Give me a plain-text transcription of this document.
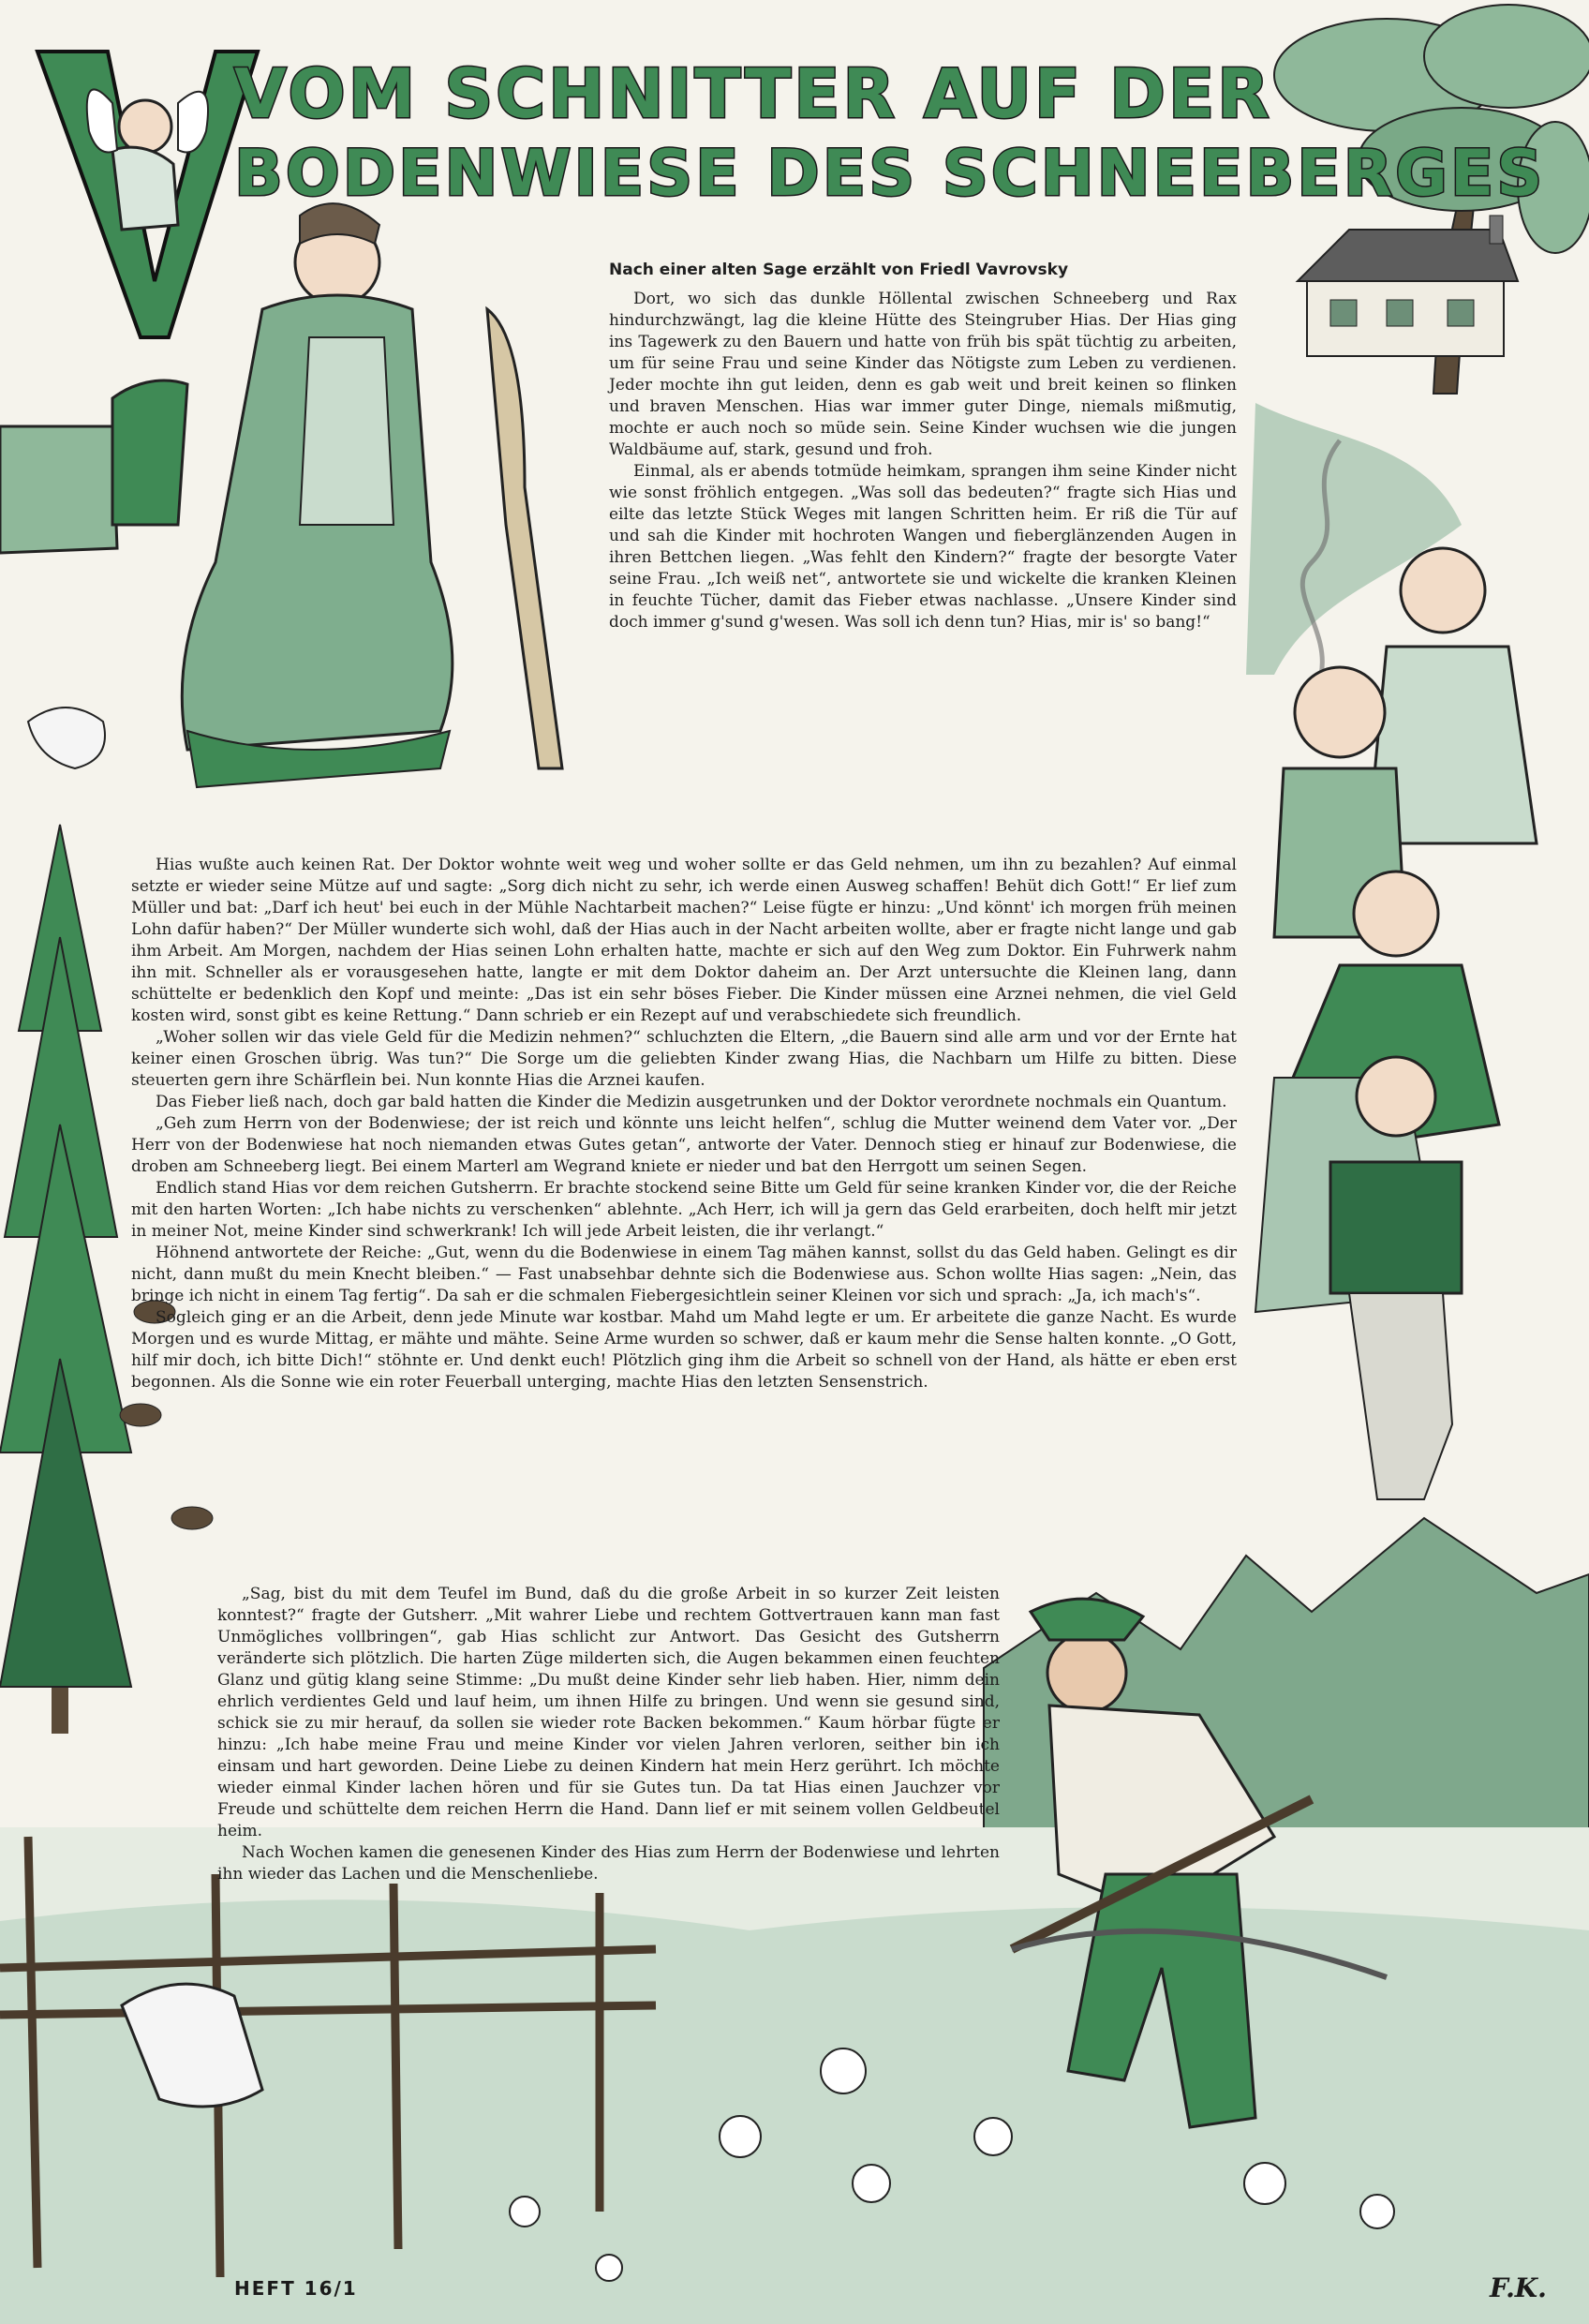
VOM SCHNITTER AUF DER
BODENWIESE DES SCHNEEBERGES
Nach einer alten Sage erzählt von Friedl Vavrovsky

Dort, wo sich das dunkle Höllental zwischen Schneeberg und Rax hindurchzwängt, lag die kleine Hütte des Steingruber Hias. Der Hias ging ins Tagewerk zu den Bauern und hatte von früh bis spät tüchtig zu arbeiten, um für seine Frau und seine Kinder das Nötigste zum Leben zu verdienen. Jeder mochte ihn gut leiden, denn es gab weit und breit keinen so flinken und braven Menschen. Hias war immer guter Dinge, niemals mißmutig, mochte er auch noch so müde sein. Seine Kinder wuchsen wie die jungen Waldbäume auf, stark, gesund und froh.

Einmal, als er abends totmüde heimkam, sprangen ihm seine Kinder nicht wie sonst fröhlich entgegen. „Was soll das bedeuten?“ fragte sich Hias und eilte das letzte Stück Weges mit langen Schritten heim. Er riß die Tür auf und sah die Kinder mit hochroten Wangen und fieberglänzenden Augen in ihren Bettchen liegen. „Was fehlt den Kindern?“ fragte der besorgte Vater seine Frau. „Ich weiß net“, antwortete sie und wickelte die kranken Kleinen in feuchte Tücher, damit das Fieber etwas nachlasse. „Unsere Kinder sind doch immer g'sund g'wesen. Was soll ich denn tun? Hias, mir is' so bang!“

Hias wußte auch keinen Rat. Der Doktor wohnte weit weg und woher sollte er das Geld nehmen, um ihn zu bezahlen? Auf einmal setzte er wieder seine Mütze auf und sagte: „Sorg dich nicht zu sehr, ich werde einen Ausweg schaffen! Behüt dich Gott!“ Er lief zum Müller und bat: „Darf ich heut' bei euch in der Mühle Nachtarbeit machen?“ Leise fügte er hinzu: „Und könnt' ich morgen früh meinen Lohn dafür haben?“ Der Müller wunderte sich wohl, daß der Hias auch in der Nacht arbeiten wollte, aber er fragte nicht lange und gab ihm Arbeit. Am Morgen, nachdem der Hias seinen Lohn erhalten hatte, machte er sich auf den Weg zum Doktor. Ein Fuhrwerk nahm ihn mit. Schneller als er vorausgesehen hatte, langte er mit dem Doktor daheim an. Der Arzt untersuchte die Kleinen lang, dann schüttelte er bedenklich den Kopf und meinte: „Das ist ein sehr böses Fieber. Die Kinder müssen eine Arznei nehmen, die viel Geld kosten wird, sonst gibt es keine Rettung.“ Dann schrieb er ein Rezept auf und verabschiedete sich freundlich.

„Woher sollen wir das viele Geld für die Medizin nehmen?“ schluchzten die Eltern, „die Bauern sind alle arm und vor der Ernte hat keiner einen Groschen übrig. Was tun?“ Die Sorge um die geliebten Kinder zwang Hias, die Nachbarn um Hilfe zu bitten. Diese steuerten gern ihre Schärflein bei. Nun konnte Hias die Arznei kaufen.

Das Fieber ließ nach, doch gar bald hatten die Kinder die Medizin ausgetrunken und der Doktor verordnete nochmals ein Quantum.

„Geh zum Herrn von der Bodenwiese; der ist reich und könnte uns leicht helfen“, schlug die Mutter weinend dem Vater vor. „Der Herr von der Bodenwiese hat noch niemanden etwas Gutes getan“, antworte der Vater. Dennoch stieg er hinauf zur Bodenwiese, die droben am Schneeberg liegt. Bei einem Marterl am Wegrand kniete er nieder und bat den Herrgott um seinen Segen.

Endlich stand Hias vor dem reichen Gutsherrn. Er brachte stockend seine Bitte um Geld für seine kranken Kinder vor, die der Reiche mit den harten Worten: „Ich habe nichts zu verschenken“ ablehnte. „Ach Herr, ich will ja gern das Geld erarbeiten, doch helft mir jetzt in meiner Not, meine Kinder sind schwerkrank! Ich will jede Arbeit leisten, die ihr verlangt.“

Höhnend antwortete der Reiche: „Gut, wenn du die Bodenwiese in einem Tag mähen kannst, sollst du das Geld haben. Gelingt es dir nicht, dann mußt du mein Knecht bleiben.“ — Fast unabsehbar dehnte sich die Bodenwiese aus. Schon wollte Hias sagen: „Nein, das bringe ich nicht in einem Tag fertig“. Da sah er die schmalen Fiebergesichtlein seiner Kleinen vor sich und sprach: „Ja, ich mach's“.

Sogleich ging er an die Arbeit, denn jede Minute war kostbar. Mahd um Mahd legte er um. Er arbeitete die ganze Nacht. Es wurde Morgen und es wurde Mittag, er mähte und mähte. Seine Arme wurden so schwer, daß er kaum mehr die Sense halten konnte. „O Gott, hilf mir doch, ich bitte Dich!“ stöhnte er. Und denkt euch! Plötzlich ging ihm die Arbeit so schnell von der Hand, als hätte er eben erst begonnen. Als die Sonne wie ein roter Feuerball unterging, machte Hias den letzten Sensenstrich.

„Sag, bist du mit dem Teufel im Bund, daß du die große Arbeit in so kurzer Zeit leisten konntest?“ fragte der Gutsherr. „Mit wahrer Liebe und rechtem Gottvertrauen kann man fast Unmögliches vollbringen“, gab Hias schlicht zur Antwort. Das Gesicht des Gutsherrn veränderte sich plötzlich. Die harten Züge milderten sich, die Augen bekammen einen feuchten Glanz und gütig klang seine Stimme: „Du mußt deine Kinder sehr lieb haben. Hier, nimm dein ehrlich verdientes Geld und lauf heim, um ihnen Hilfe zu bringen. Und wenn sie gesund sind, schick sie zu mir herauf, da sollen sie wieder rote Backen bekommen.“ Kaum hörbar fügte er hinzu: „Ich habe meine Frau und meine Kinder vor vielen Jahren verloren, seither bin ich einsam und hart geworden. Deine Liebe zu deinen Kindern hat mein Herz gerührt. Ich möchte wieder einmal Kinder lachen hören und für sie Gutes tun. Da tat Hias einen Jauchzer vor Freude und schüttelte dem reichen Herrn die Hand. Dann lief er mit seinem vollen Geldbeutel heim.

Nach Wochen kamen die genesenen Kinder des Hias zum Herrn der Bodenwiese und lehrten ihn wieder das Lachen und die Menschenliebe.

HEFT 16/1	F.K.
